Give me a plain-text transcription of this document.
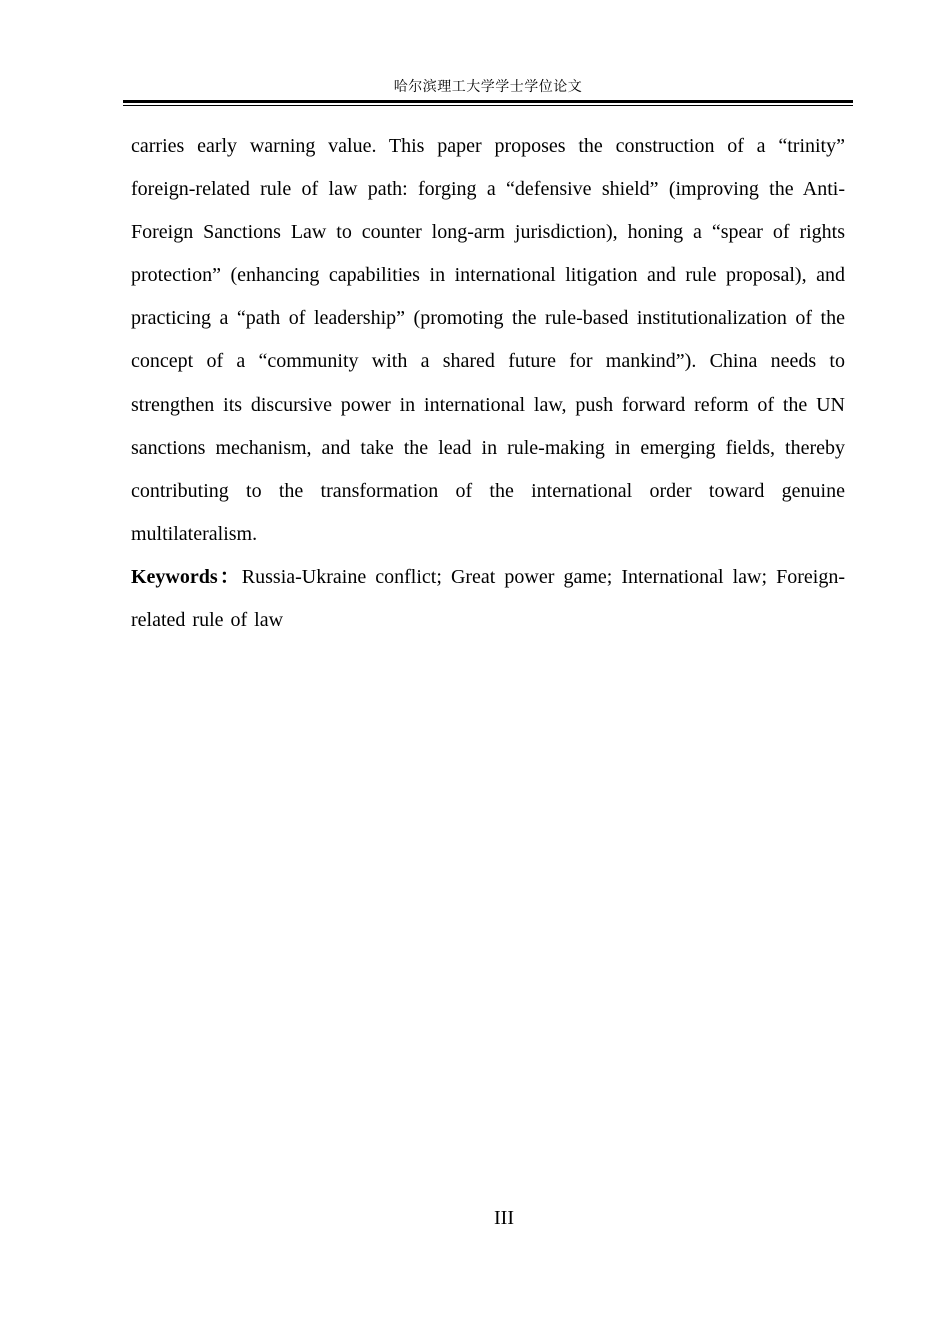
哈尔滨理工大学学士学位论文

carries early warning value. This paper proposes the construction of a “trinity” foreign-related rule of law path: forging a “defensive shield” (improving the Anti-Foreign Sanctions Law to counter long-arm jurisdiction), honing a “spear of rights protection” (enhancing capabilities in international litigation and rule proposal), and practicing a “path of leadership” (promoting the rule-based institutionalization of the concept of a “community with a shared future for mankind”). China needs to strengthen its discursive power in international law, push forward reform of the UN sanctions mechanism, and take the lead in rule-making in emerging fields, thereby contributing to the transformation of the international order toward genuine multilateralism.

Keywords：Russia-Ukraine conflict; Great power game; International law; Foreign-related rule of law

III
